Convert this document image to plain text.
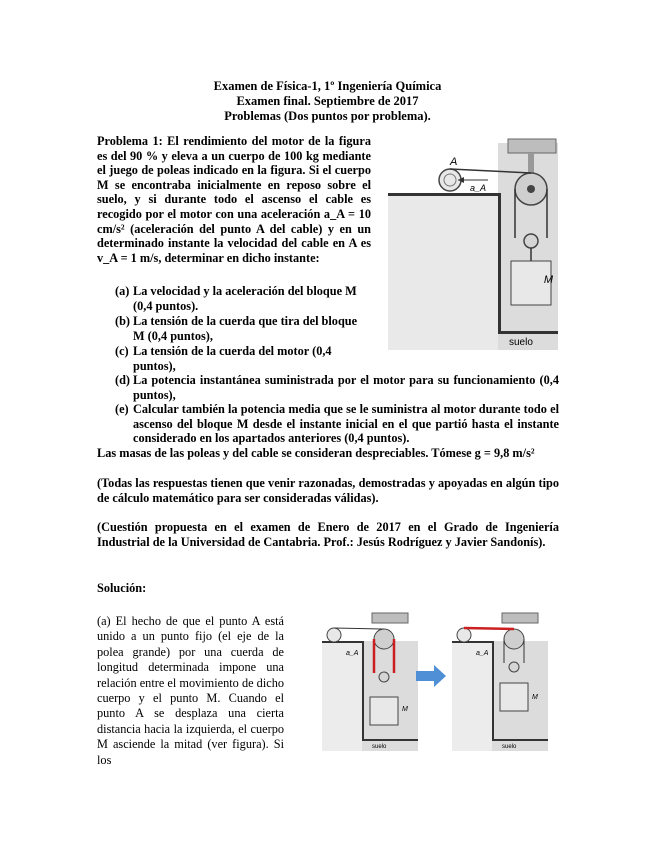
Examen de Física-1, 1º Ingeniería Química
Examen final. Septiembre de 2017
Problemas (Dos puntos por problema).
Problema 1: El rendimiento del motor de la figura es del 90 % y eleva a un cuerpo de 100 kg mediante el juego de poleas indicado en la figura. Si el cuerpo M se encontraba inicialmente en reposo sobre el suelo, y si durante todo el ascenso el cable es recogido por el motor con una aceleración a_A = 10 cm/s² (aceleración del punto A del cable) y en un determinado instante la velocidad del cable en A es v_A = 1 m/s, determinar en dicho instante:
(a) La velocidad y la aceleración del bloque M (0,4 puntos).
(b) La tensión de la cuerda que tira del bloque M (0,4 puntos),
(c) La tensión de la cuerda del motor (0,4 puntos),
(d) La potencia instantánea suministrada por el motor para su funcionamiento (0,4 puntos),
(e) Calcular también la potencia media que se le suministra al motor durante todo el ascenso del bloque M desde el instante inicial en el que partió hasta el instante considerado en los apartados anteriores (0,4 puntos).
Las masas de las poleas y del cable se consideran despreciables. Tómese g = 9,8 m/s²
(Todas las respuestas tienen que venir razonadas, demostradas y apoyadas en algún tipo de cálculo matemático para ser consideradas válidas).
(Cuestión propuesta en el examen de Enero de 2017 en el Grado de Ingeniería Industrial de la Universidad de Cantabria. Prof.: Jesús Rodríguez y Javier Sandonís).
Solución:
(a) El hecho de que el punto A está unido a un punto fijo (el eje de la polea grande) por una cuerda de longitud determinada impone una relación entre el movimiento de dicho cuerpo y el punto M. Cuando el punto A se desplaza una cierta distancia hacia la izquierda, el cuerpo M asciende la mitad (ver figura). Si los
A
a_A
M
suelo
a_A
M
suelo
a_A
M
suelo
